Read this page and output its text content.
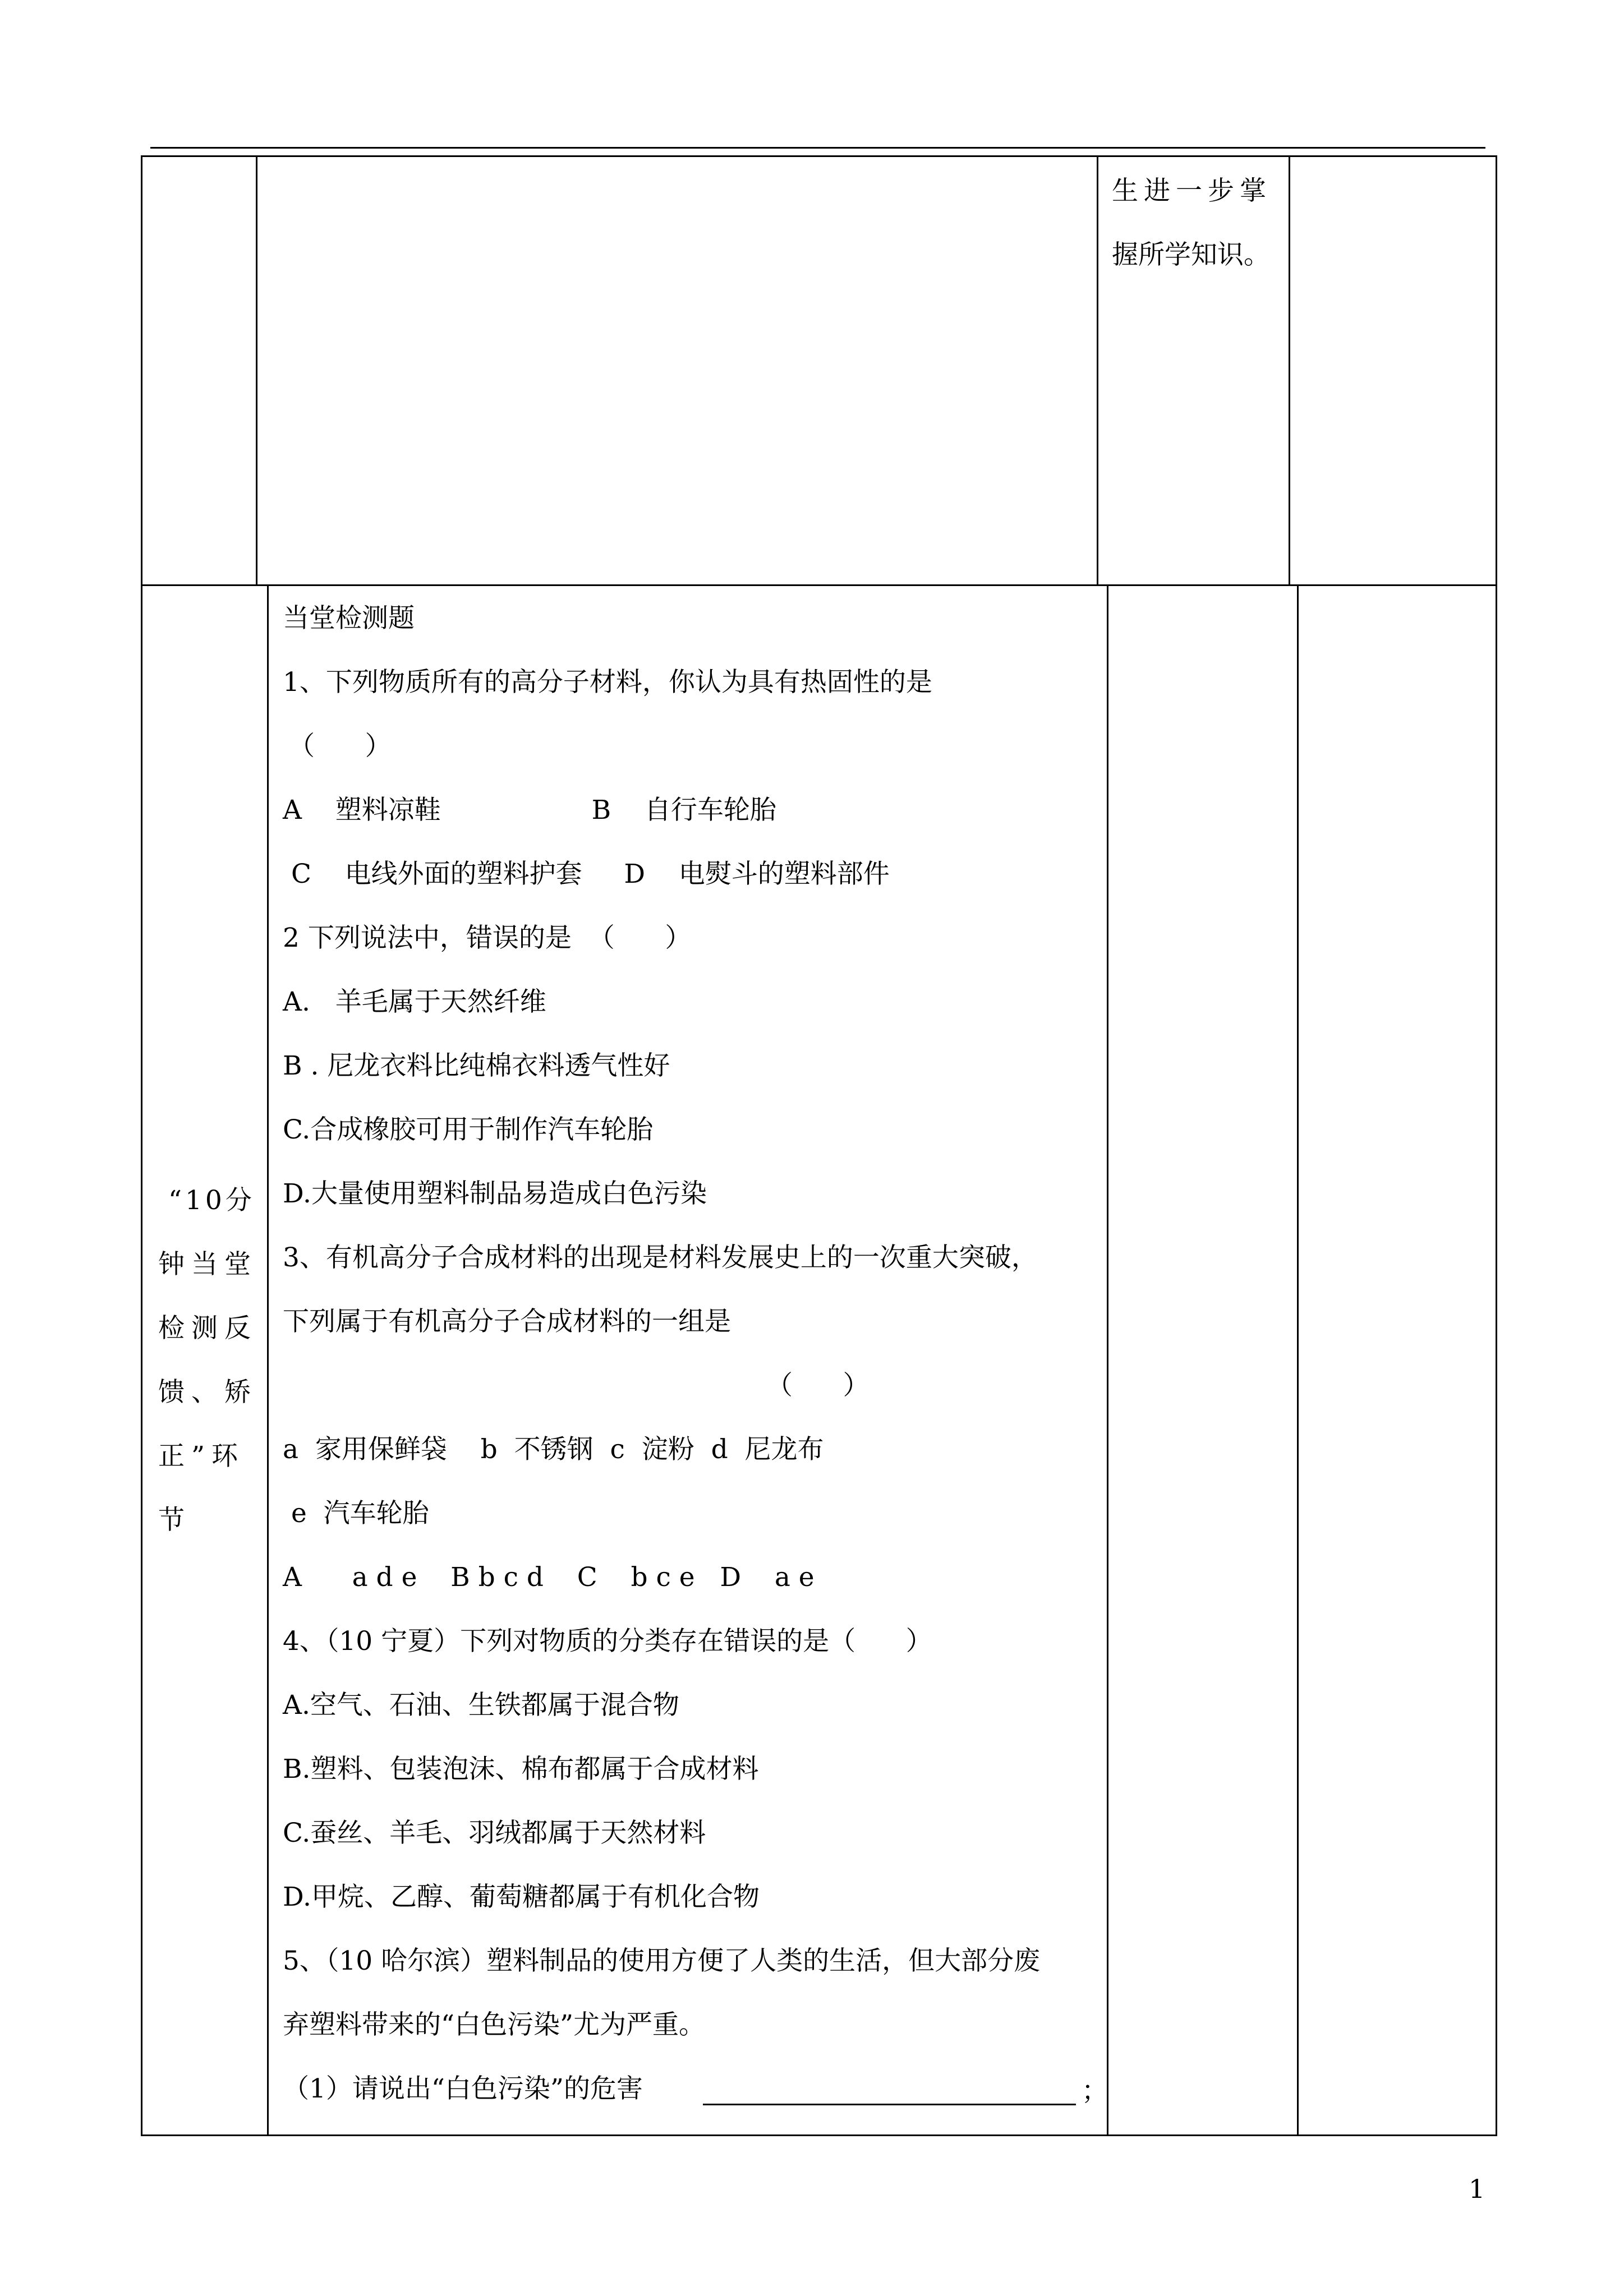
生进一步掌
握所学知识。
“10分
钟当堂
检测反
馈、矫
正”环
节
当堂检测题
1、下列物质所有的高分子材料，你认为具有热固性的是
（      ）
A    塑料凉鞋                  B    自行车轮胎
C    电线外面的塑料护套     D    电熨斗的塑料部件
2 下列说法中，错误的是  （      ）
A.   羊毛属于天然纤维
B . 尼龙衣料比纯棉衣料透气性好
C.合成橡胶可用于制作汽车轮胎
D.大量使用塑料制品易造成白色污染
3、有机高分子合成材料的出现是材料发展史上的一次重大突破，
下列属于有机高分子合成材料的一组是
（      ）
a  家用保鲜袋    b  不锈钢  c  淀粉  d  尼龙布
e  汽车轮胎
A      a d e    B b c d    C    b c e   D    a e
4、（10 宁夏）下列对物质的分类存在错误的是（      ）
A.空气、石油、生铁都属于混合物
B.塑料、包装泡沫、棉布都属于合成材料
C.蚕丝、羊毛、羽绒都属于天然材料
D.甲烷、乙醇、葡萄糖都属于有机化合物
5、（10 哈尔滨）塑料制品的使用方便了人类的生活，但大部分废
弃塑料带来的“白色污染”尤为严重。
（1）请说出“白色污染”的危害	；
1
